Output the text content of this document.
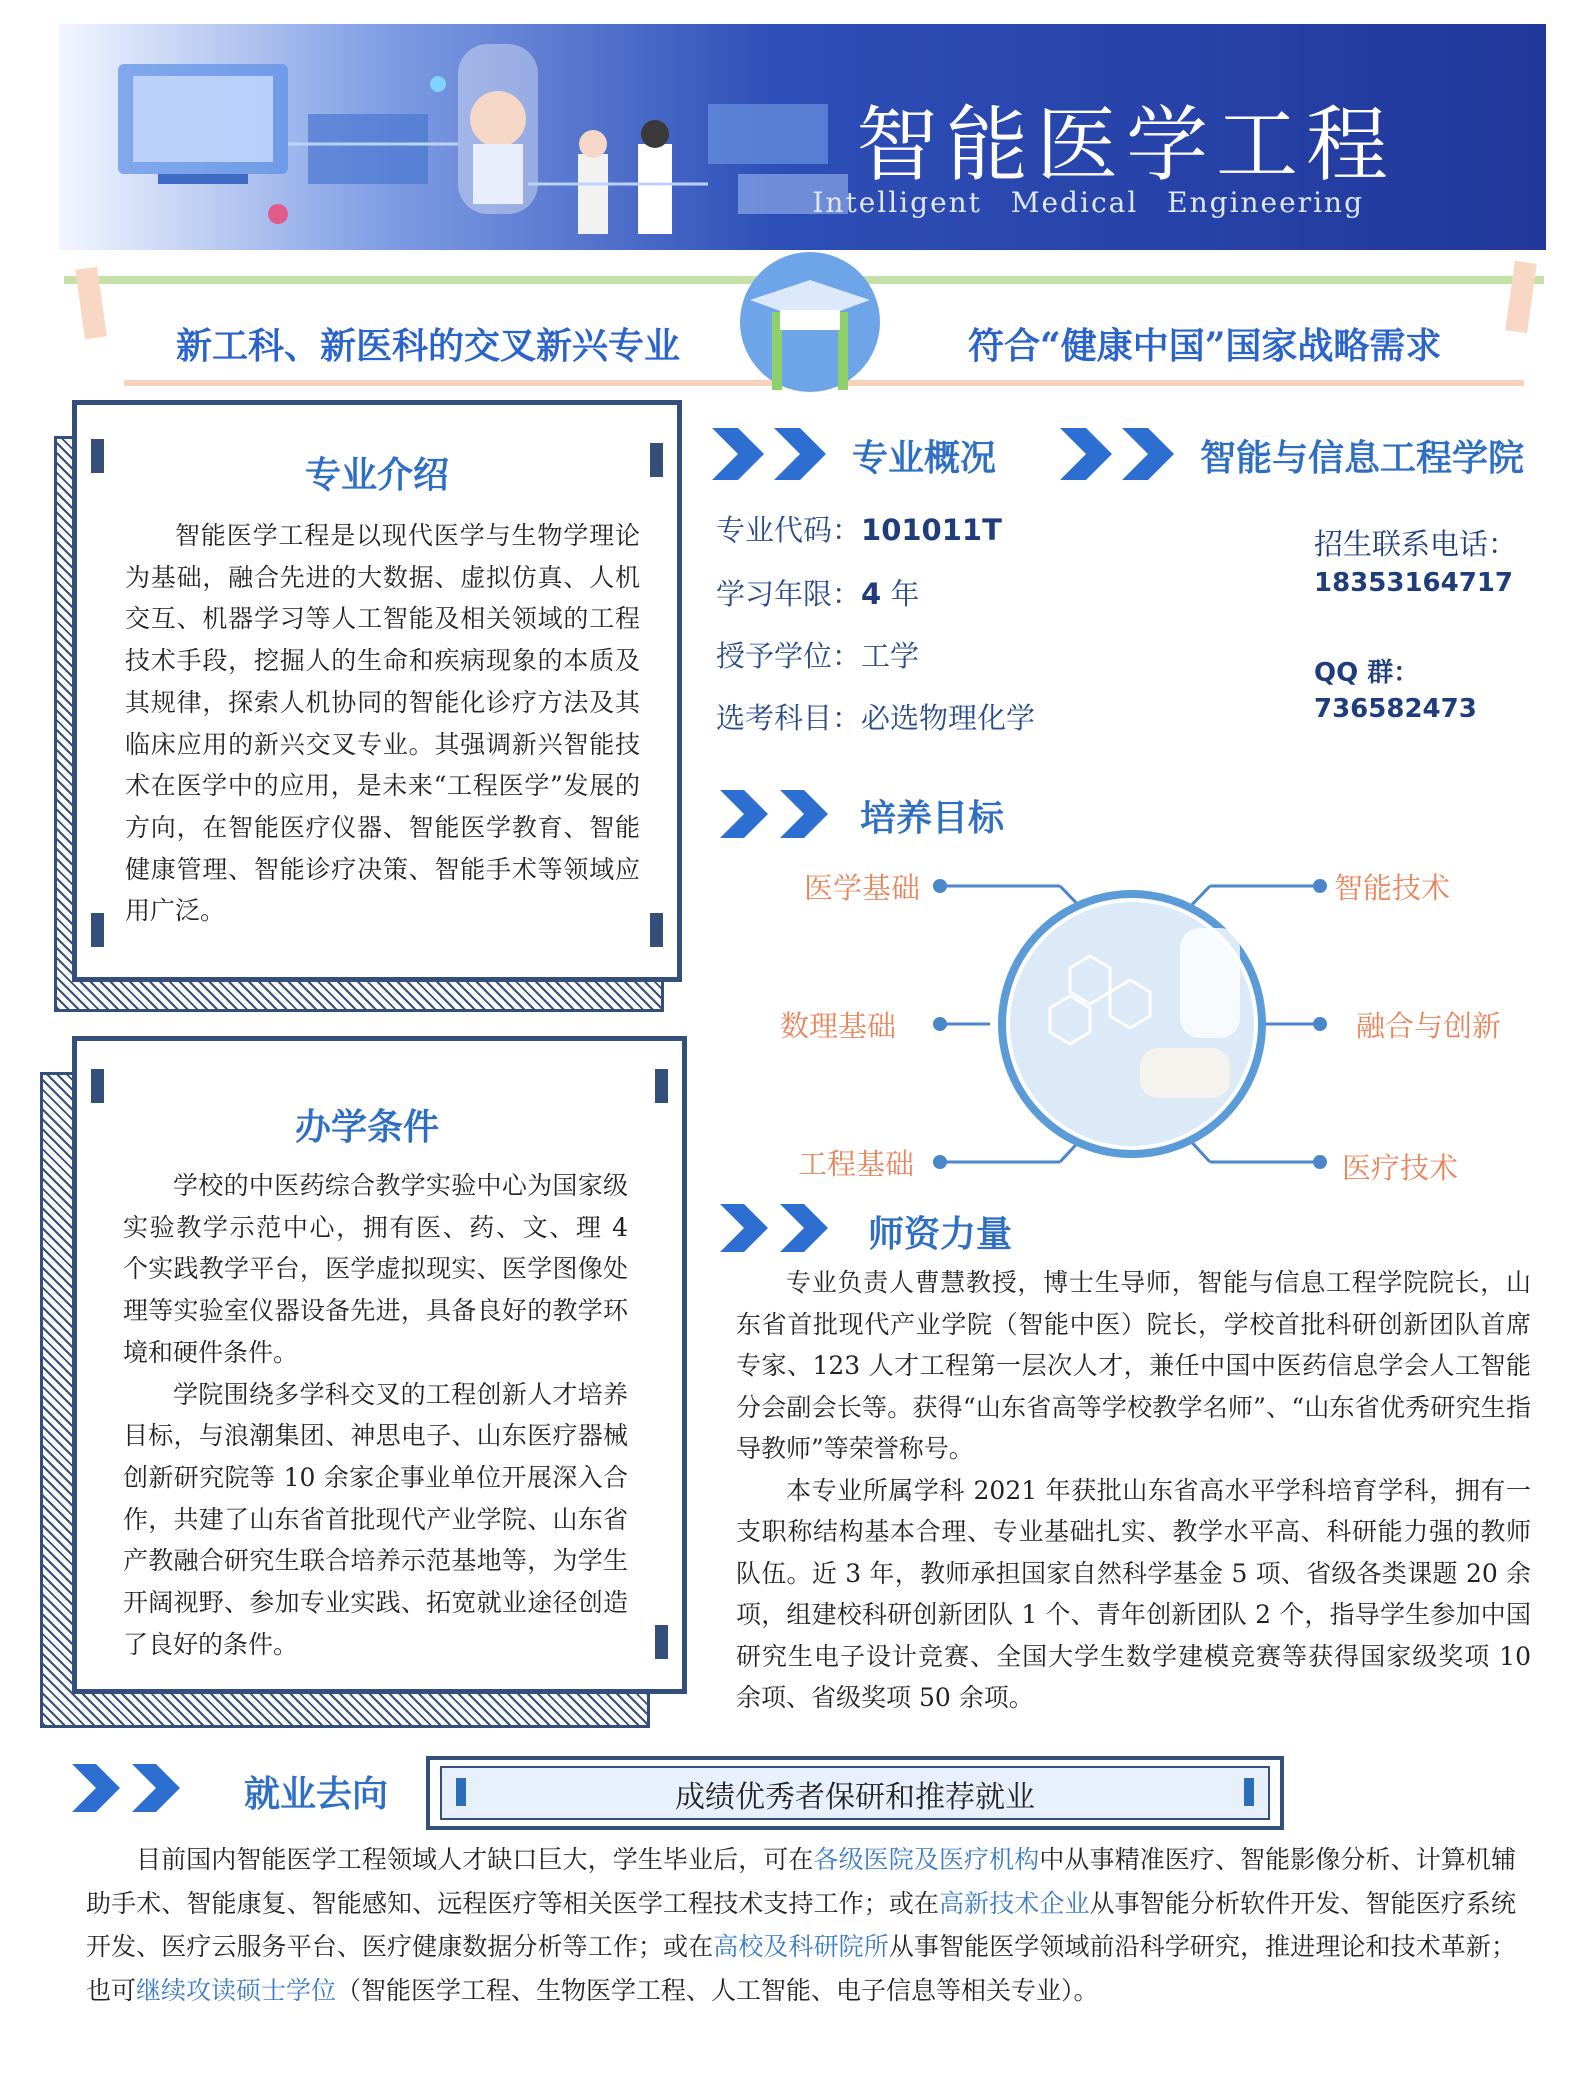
智能医学工程
Intelligent Medical Engineering
新工科、新医科的交叉新兴专业	符合“健康中国”国家战略需求
专业介绍

智能医学工程是以现代医学与生物学理论为基础，融合先进的大数据、虚拟仿真、人机交互、机器学习等人工智能及相关领域的工程技术手段，挖掘人的生命和疾病现象的本质及其规律，探索人机协同的智能化诊疗方法及其临床应用的新兴交叉专业。其强调新兴智能技术在医学中的应用，是未来“工程医学”发展的方向，在智能医疗仪器、智能医学教育、智能健康管理、智能诊疗决策、智能手术等领域应用广泛。

办学条件

学校的中医药综合教学实验中心为国家级实验教学示范中心，拥有医、药、文、理 4 个实践教学平台，医学虚拟现实、医学图像处理等实验室仪器设备先进，具备良好的教学环境和硬件条件。

学院围绕多学科交叉的工程创新人才培养目标，与浪潮集团、神思电子、山东医疗器械创新研究院等 10 余家企事业单位开展深入合作，共建了山东省首批现代产业学院、山东省产教融合研究生联合培养示范基地等，为学生开阔视野、参加专业实践、拓宽就业途径创造了良好的条件。

专业概况	智能与信息工程学院
专业代码：101011T
学习年限：4 年
授予学位：工学
选考科目：必选物理化学
招生联系电话：
18353164717
QQ 群：
736582473
培养目标
医学基础
数理基础
工程基础
智能技术
融合与创新
医疗技术
师资力量

专业负责人曹慧教授，博士生导师，智能与信息工程学院院长，山东省首批现代产业学院（智能中医）院长，学校首批科研创新团队首席专家、123 人才工程第一层次人才，兼任中国中医药信息学会人工智能分会副会长等。获得“山东省高等学校教学名师”、“山东省优秀研究生指导教师”等荣誉称号。

本专业所属学科 2021 年获批山东省高水平学科培育学科，拥有一支职称结构基本合理、专业基础扎实、教学水平高、科研能力强的教师队伍。近 3 年，教师承担国家自然科学基金 5 项、省级各类课题 20 余项，组建校科研创新团队 1 个、青年创新团队 2 个，指导学生参加中国研究生电子设计竞赛、全国大学生数学建模竞赛等获得国家级奖项 10 余项、省级奖项 50 余项。

就业去向	成绩优秀者保研和推荐就业

目前国内智能医学工程领域人才缺口巨大，学生毕业后，可在各级医院及医疗机构中从事精准医疗、智能影像分析、计算机辅助手术、智能康复、智能感知、远程医疗等相关医学工程技术支持工作；或在高新技术企业从事智能分析软件开发、智能医疗系统开发、医疗云服务平台、医疗健康数据分析等工作；或在高校及科研院所从事智能医学领域前沿科学研究，推进理论和技术革新；也可继续攻读硕士学位（智能医学工程、生物医学工程、人工智能、电子信息等相关专业）。
